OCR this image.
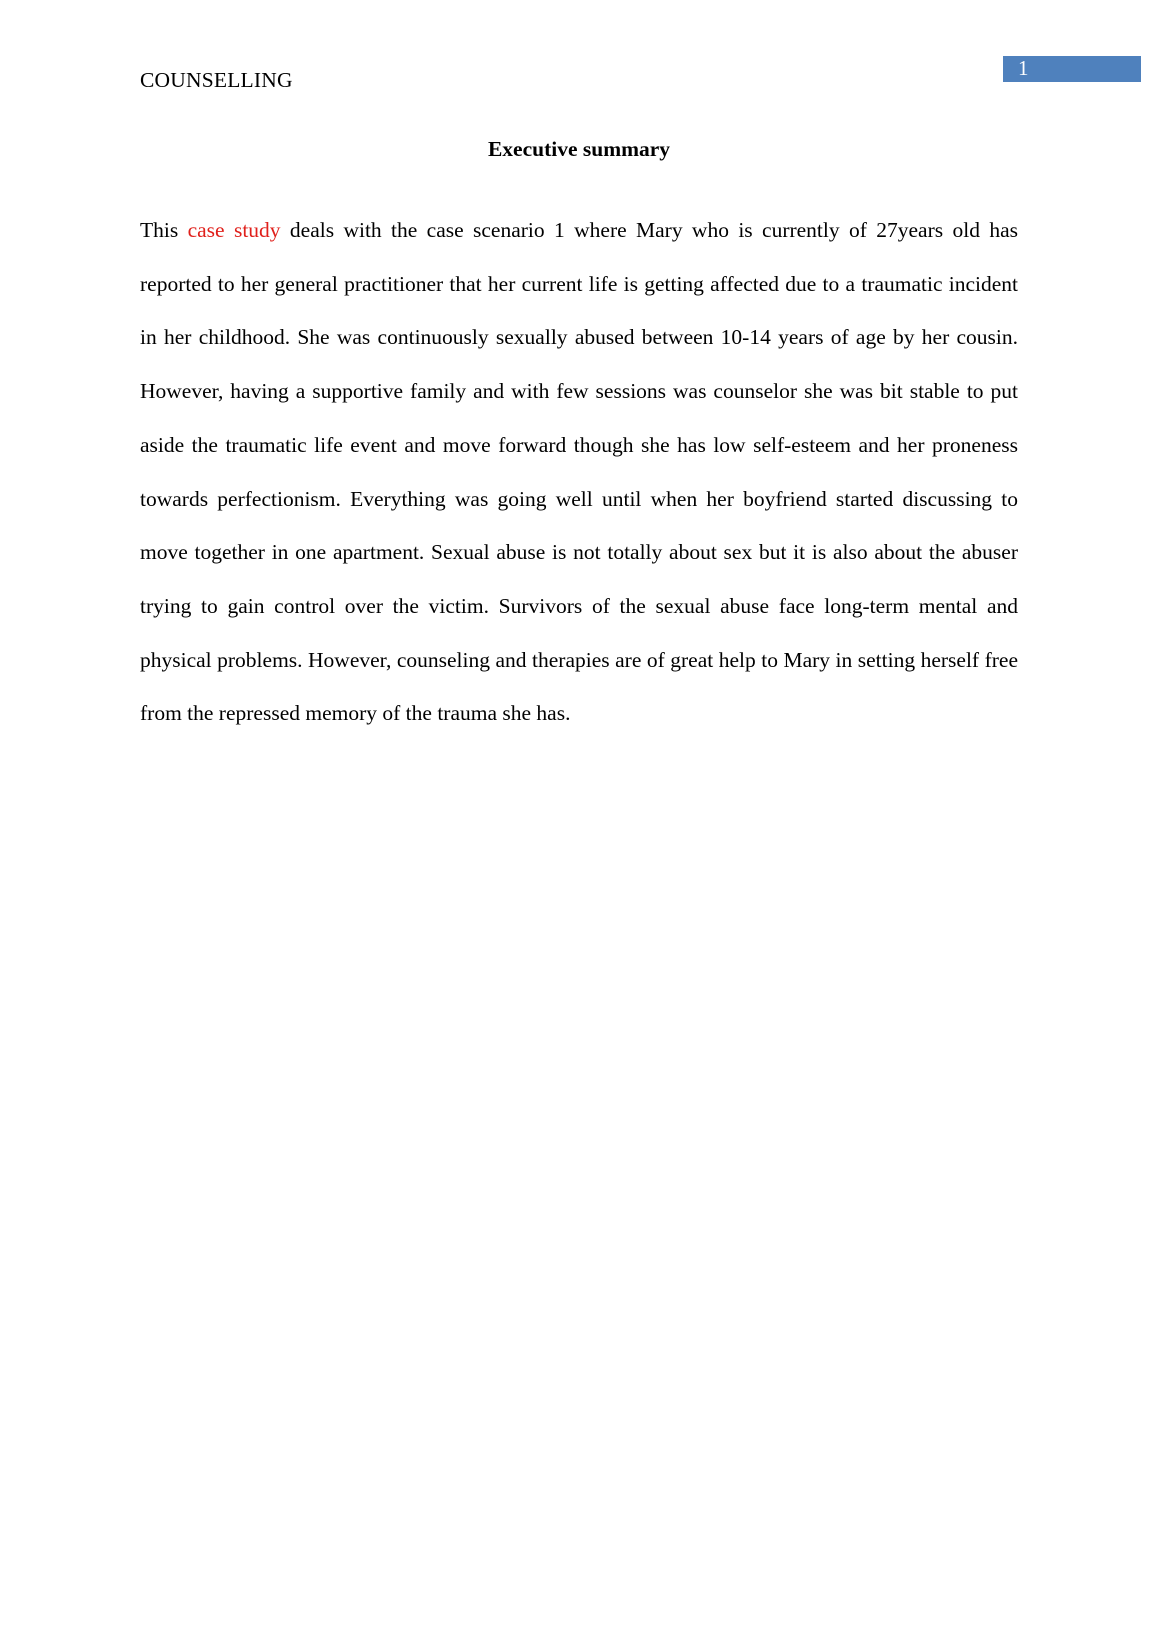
COUNSELLING	1
Executive summary

This case study deals with the case scenario 1 where Mary who is currently of 27years old has reported to her general practitioner that her current life is getting affected due to a traumatic incident in her childhood. She was continuously sexually abused between 10-14 years of age by her cousin. However, having a supportive family and with few sessions was counselor she was bit stable to put aside the traumatic life event and move forward though she has low self-esteem and her proneness towards perfectionism. Everything was going well until when her boyfriend started discussing to move together in one apartment. Sexual abuse is not totally about sex but it is also about the abuser trying to gain control over the victim. Survivors of the sexual abuse face long-term mental and physical problems. However, counseling and therapies are of great help to Mary in setting herself free from the repressed memory of the trauma she has.
